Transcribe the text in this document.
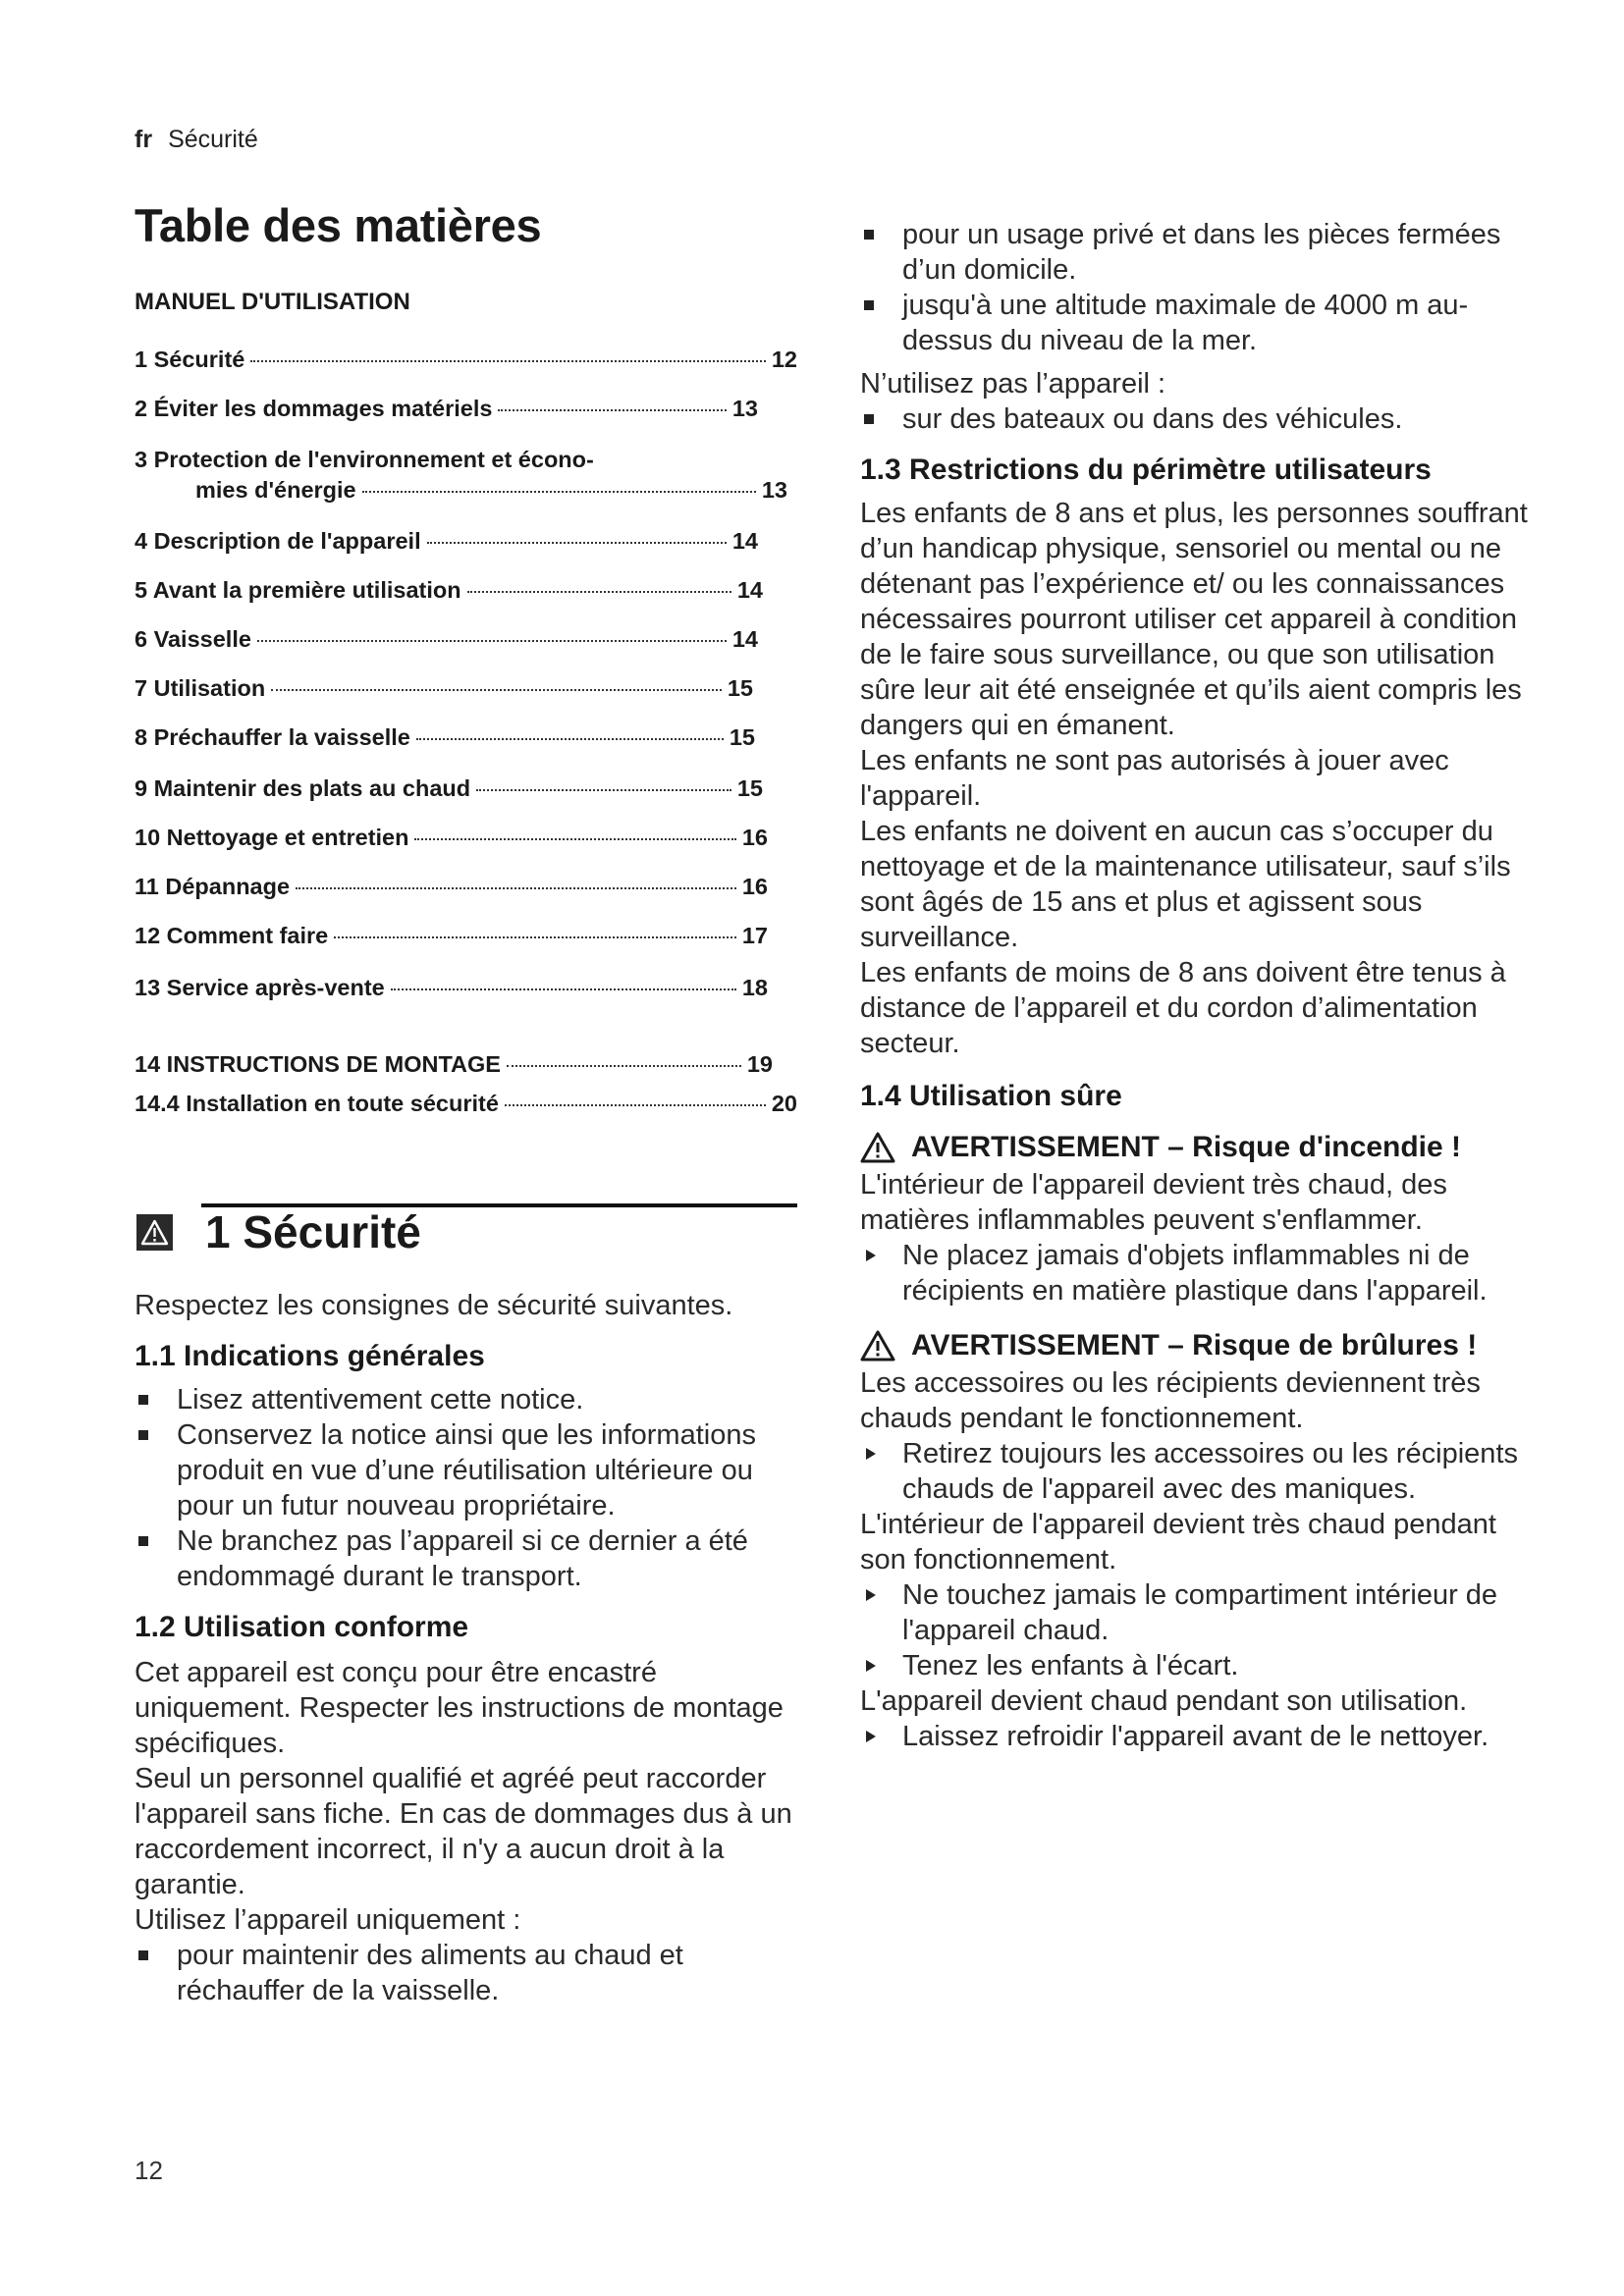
fr Sécurité
Table des matières
MANUEL D'UTILISATION
1 Sécurité	12
2 Éviter les dommages matériels	13
3 Protection de l'environnement et écono-
mies d'énergie	13
4 Description de l'appareil	14
5 Avant la première utilisation	14
6 Vaisselle	14
7 Utilisation	15
8 Préchauffer la vaisselle	15
9 Maintenir des plats au chaud	15
10 Nettoyage et entretien	16
11 Dépannage	16
12 Comment faire	17
13 Service après-vente	18
14 INSTRUCTIONS DE MONTAGE	19
14.4 Installation en toute sécurité	20
1 Sécurité

Respectez les consignes de sécurité suivantes.

1.1 Indications générales
Lisez attentivement cette notice.
Conservez la notice ainsi que les informations produit en vue d’une réutilisation ultérieure ou pour un futur nouveau propriétaire.
Ne branchez pas l’appareil si ce dernier a été endommagé durant le transport.
1.2 Utilisation conforme

Cet appareil est conçu pour être encastré uniquement. Respecter les instructions de montage spécifiques.

Seul un personnel qualifié et agréé peut raccorder l'appareil sans fiche. En cas de dommages dus à un raccordement incorrect, il n'y a aucun droit à la garantie.

Utilisez l’appareil uniquement :

pour maintenir des aliments au chaud et réchauffer de la vaisselle.
pour un usage privé et dans les pièces fermées d’un domicile.
jusqu'à une altitude maximale de 4000 m au-dessus du niveau de la mer.

N’utilisez pas l’appareil :

sur des bateaux ou dans des véhicules.
1.3 Restrictions du périmètre utilisateurs

Les enfants de 8 ans et plus, les personnes souffrant d’un handicap physique, sensoriel ou mental ou ne détenant pas l’expérience et/ ou les connaissances nécessaires pourront utiliser cet appareil à condition de le faire sous surveillance, ou que son utilisation sûre leur ait été enseignée et qu’ils aient compris les dangers qui en émanent.

Les enfants ne sont pas autorisés à jouer avec l'appareil.

Les enfants ne doivent en aucun cas s’occuper du nettoyage et de la maintenance utilisateur, sauf s’ils sont âgés de 15 ans et plus et agissent sous surveillance.

Les enfants de moins de 8 ans doivent être tenus à distance de l’appareil et du cordon d’alimentation secteur.

1.4 Utilisation sûre
AVERTISSEMENT – Risque d'incendie !

L'intérieur de l'appareil devient très chaud, des matières inflammables peuvent s'enflammer.

Ne placez jamais d'objets inflammables ni de récipients en matière plastique dans l'appareil.
AVERTISSEMENT – Risque de brûlures !

Les accessoires ou les récipients deviennent très chauds pendant le fonctionnement.

Retirez toujours les accessoires ou les récipients chauds de l'appareil avec des maniques.

L'intérieur de l'appareil devient très chaud pendant son fonctionnement.

Ne touchez jamais le compartiment intérieur de l'appareil chaud.
Tenez les enfants à l'écart.

L'appareil devient chaud pendant son utilisation.

Laissez refroidir l'appareil avant de le nettoyer.
12
